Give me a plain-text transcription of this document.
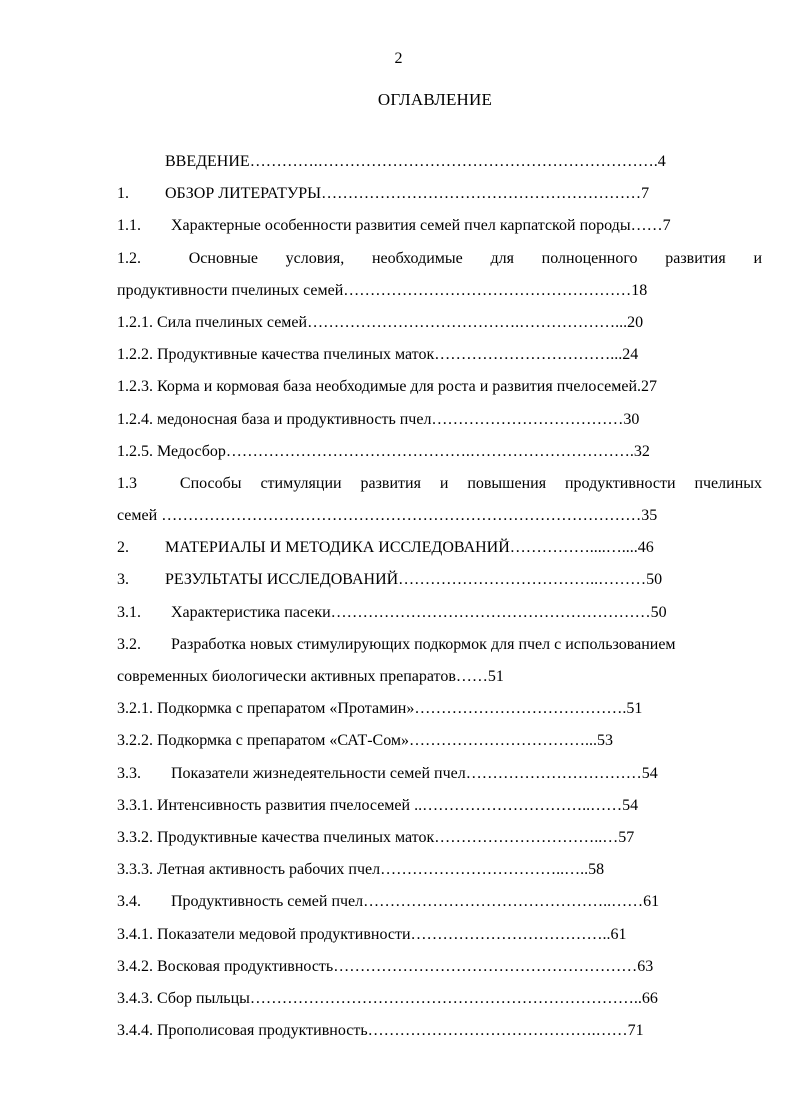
2
ОГЛАВЛЕНИЕ
ВВЕДЕНИЕ………….……………………………………………………….4
1. ОБЗОР ЛИТЕРАТУРЫ……………………………………………………7
1.1. Характерные особенности развития семей пчел карпатской породы……7
1.2.	Основные условия, необходимые для полноценного развития и
продуктивности пчелиных семей………………………………………………18
1.2.1. Сила пчелиных семей………………………………….………………...20
1.2.2. Продуктивные качества пчелиных маток……………………………...24
1.2.3. Корма и кормовая база необходимые для роста и развития пчелосемей.27
1.2.4. медоносная база и продуктивность пчел………………………………30
1.2.5. Медосбор……………………………………….………………………….32
1.3	Способы стимуляции развития и повышения продуктивности пчелиных
семей ………………………………………………………………………………35
2. МАТЕРИАЛЫ И МЕТОДИКА ИССЛЕДОВАНИЙ……………....…....46
3. РЕЗУЛЬТАТЫ ИССЛЕДОВАНИЙ………………………………..………50
3.1. Характеристика пасеки……………………………………………………50
3.2. Разработка новых стимулирующих подкормок для пчел с использованием
современных биологически активных препаратов……51
3.2.1. Подкормка с препаратом «Протамин»………………………………….51
3.2.2. Подкормка с препаратом «САТ-Сом»……………………………...53
3.3. Показатели жизнедеятельности семей пчел……………………………54
3.3.1. Интенсивность развития пчелосемей ..…………………………..……54
3.3.2. Продуктивные качества пчелиных маток…………………………..…57
3.3.3. Летная активность рабочих пчел……………………………..…..58
3.4. Продуктивность семей пчел………………………………………..……61
3.4.1. Показатели медовой продуктивности………………………………..61
3.4.2. Восковая продуктивность…………………………………………………63
3.4.3. Сбор пыльцы………………………………………………………………..66
3.4.4. Прополисовая продуктивность…………………………………….……71
